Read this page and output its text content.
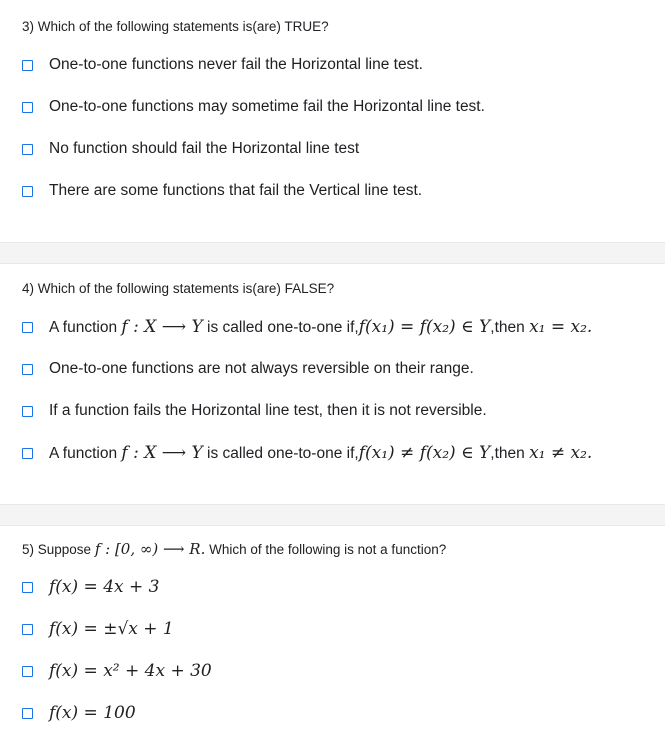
3) Which of the following statements is(are) TRUE?
One-to-one functions never fail the Horizontal line test.
One-to-one functions may sometime fail the Horizontal line test.
No function should fail the Horizontal line test
There are some functions that fail the Vertical line test.
4) Which of the following statements is(are) FALSE?
A function f : X ⟶ Y is called one-to-one if,f(x₁) = f(x₂) ∈ Y,then x₁ = x₂.
One-to-one functions are not always reversible on their range.
If a function fails the Horizontal line test, then it is not reversible.
A function f : X ⟶ Y is called one-to-one if,f(x₁) ≠ f(x₂) ∈ Y,then x₁ ≠ x₂.
5) Suppose f : [0, ∞) ⟶ R. Which of the following is not a function?
f(x) = 4x + 3
f(x) = ±√x + 1
f(x) = x² + 4x + 30
f(x) = 100
